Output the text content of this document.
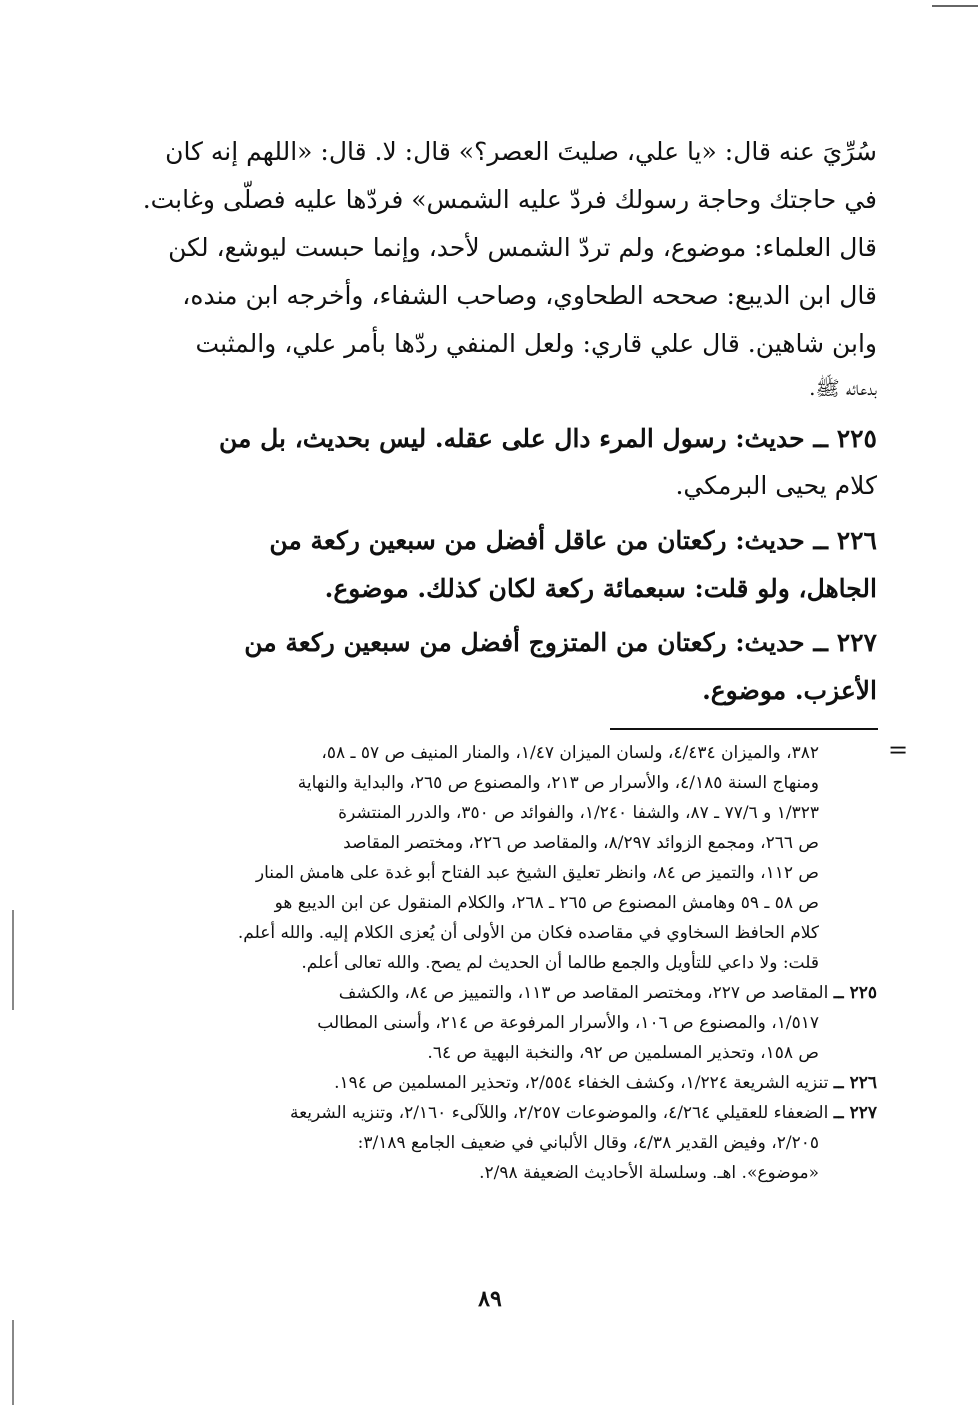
سُرِّيَ عنه قال: «يا علي، صليتَ العصر؟» قال: لا. قال: «اللهم إنه كان
في حاجتك وحاجة رسولك فردّ عليه الشمس» فردّها عليه فصلّى وغابت.
قال العلماء: موضوع، ولم تردّ الشمس لأحد، وإنما حبست ليوشع، لكن
قال ابن الديبع: صححه الطحاوي، وصاحب الشفاء، وأخرجه ابن منده،
وابن شاهين. قال علي قاري: ولعل المنفي ردّها بأمر علي، والمثبت
بدعائه ﷺ.
٢٢٥ ــ حديث: رسول المرء دال على عقله. ليس بحديث، بل من
كلام يحيى البرمكي.
٢٢٦ ــ حديث: ركعتان من عاقل أفضل من سبعين ركعة من
الجاهل، ولو قلت: سبعمائة ركعة لكان كذلك. موضوع.
٢٢٧ ــ حديث: ركعتان من المتزوج أفضل من سبعين ركعة من
الأعزب. موضوع.
=
٣٨٢، والميزان ٤/٤٣٤، ولسان الميزان ١/٤٧، والمنار المنيف ص ٥٧ ـ ٥٨،
ومنهاج السنة ٤/١٨٥، والأسرار ص ٢١٣، والمصنوع ص ٢٦٥، والبداية والنهاية
١/٣٢٣ و ٧٧/٦ ـ ٨٧، والشفا ١/٢٤٠، والفوائد ص ٣٥٠، والدرر المنتشرة
ص ٢٦٦، ومجمع الزوائد ٨/٢٩٧، والمقاصد ص ٢٢٦، ومختصر المقاصد
ص ١١٢، والتميز ص ٨٤، وانظر تعليق الشيخ عبد الفتاح أبو غدة على هامش المنار
ص ٥٨ ـ ٥٩ وهامش المصنوع ص ٢٦٥ ـ ٢٦٨، والكلام المنقول عن ابن الديبع هو
كلام الحافظ السخاوي في مقاصده فكان من الأولى أن يُعزى الكلام إليه. والله أعلم.
قلت: ولا داعي للتأويل والجمع طالما أن الحديث لم يصح. والله تعالى أعلم.
٢٢٥ ــ المقاصد ص ٢٢٧، ومختصر المقاصد ص ١١٣، والتمييز ص ٨٤، والكشف
١/٥١٧، والمصنوع ص ١٠٦، والأسرار المرفوعة ص ٢١٤، وأسنى المطالب
ص ١٥٨، وتحذير المسلمين ص ٩٢، والنخبة البهية ص ٦٤.
٢٢٦ ــ تنزيه الشريعة ١/٢٢٤، وكشف الخفاء ٢/٥٥٤، وتحذير المسلمين ص ١٩٤.
٢٢٧ ــ الضعفاء للعقيلي ٤/٢٦٤، والموضوعات ٢/٢٥٧، واللآلىء ٢/١٦٠، وتنزيه الشريعة
٢/٢٠٥، وفيض القدير ٤/٣٨، وقال الألباني في ضعيف الجامع ٣/١٨٩:
«موضوع». اهـ. وسلسلة الأحاديث الضعيفة ٢/٩٨.
٨٩
